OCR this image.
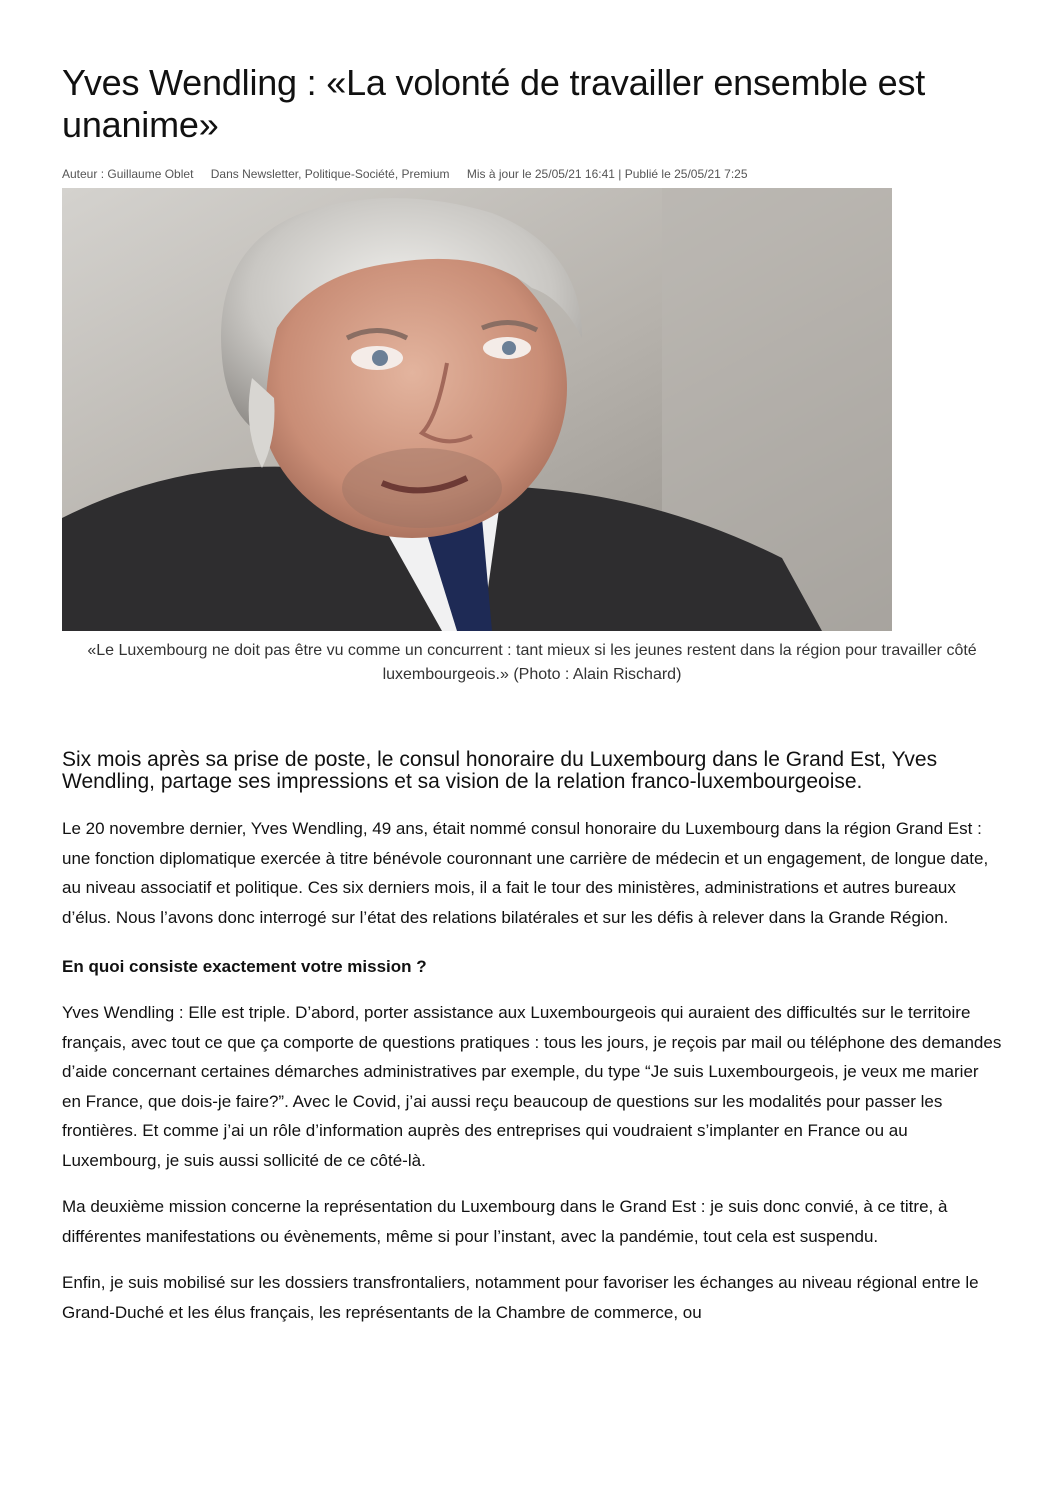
Yves Wendling : «La volonté de travailler ensemble est unanime»
Auteur : Guillaume Oblet Dans Newsletter, Politique-Société, Premium Mis à jour le 25/05/21 16:41 | Publié le 25/05/21 7:25
«Le Luxembourg ne doit pas être vu comme un concurrent : tant mieux si les jeunes restent dans la région pour travailler côté luxembourgeois.» (Photo : Alain Rischard)

Six mois après sa prise de poste, le consul honoraire du Luxembourg dans le Grand Est, Yves Wendling, partage ses impressions et sa vision de la relation franco-luxembourgeoise.

Le 20 novembre dernier, Yves Wendling, 49 ans, était nommé consul honoraire du Luxembourg dans la région Grand Est : une fonction diplomatique exercée à titre bénévole couronnant une carrière de médecin et un engagement, de longue date, au niveau associatif et politique. Ces six derniers mois, il a fait le tour des ministères, administrations et autres bureaux d’élus. Nous l’avons donc interrogé sur l’état des relations bilatérales et sur les défis à relever dans la Grande Région.

En quoi consiste exactement votre mission ?

Yves Wendling : Elle est triple. D’abord, porter assistance aux Luxembourgeois qui auraient des difficultés sur le territoire français, avec tout ce que ça comporte de questions pratiques : tous les jours, je reçois par mail ou téléphone des demandes d’aide concernant certaines démarches administratives par exemple, du type “Je suis Luxembourgeois, je veux me marier en France, que dois-je faire?”. Avec le Covid, j’ai aussi reçu beaucoup de questions sur les modalités pour passer les frontières. Et comme j’ai un rôle d’information auprès des entreprises qui voudraient s’implanter en France ou au Luxembourg, je suis aussi sollicité de ce côté-là.

Ma deuxième mission concerne la représentation du Luxembourg dans le Grand Est : je suis donc convié, à ce titre, à différentes manifestations ou évènements, même si pour l’instant, avec la pandémie, tout cela est suspendu.

Enfin, je suis mobilisé sur les dossiers transfrontaliers, notamment pour favoriser les échanges au niveau régional entre le Grand-Duché et les élus français, les représentants de la Chambre de commerce, ou
